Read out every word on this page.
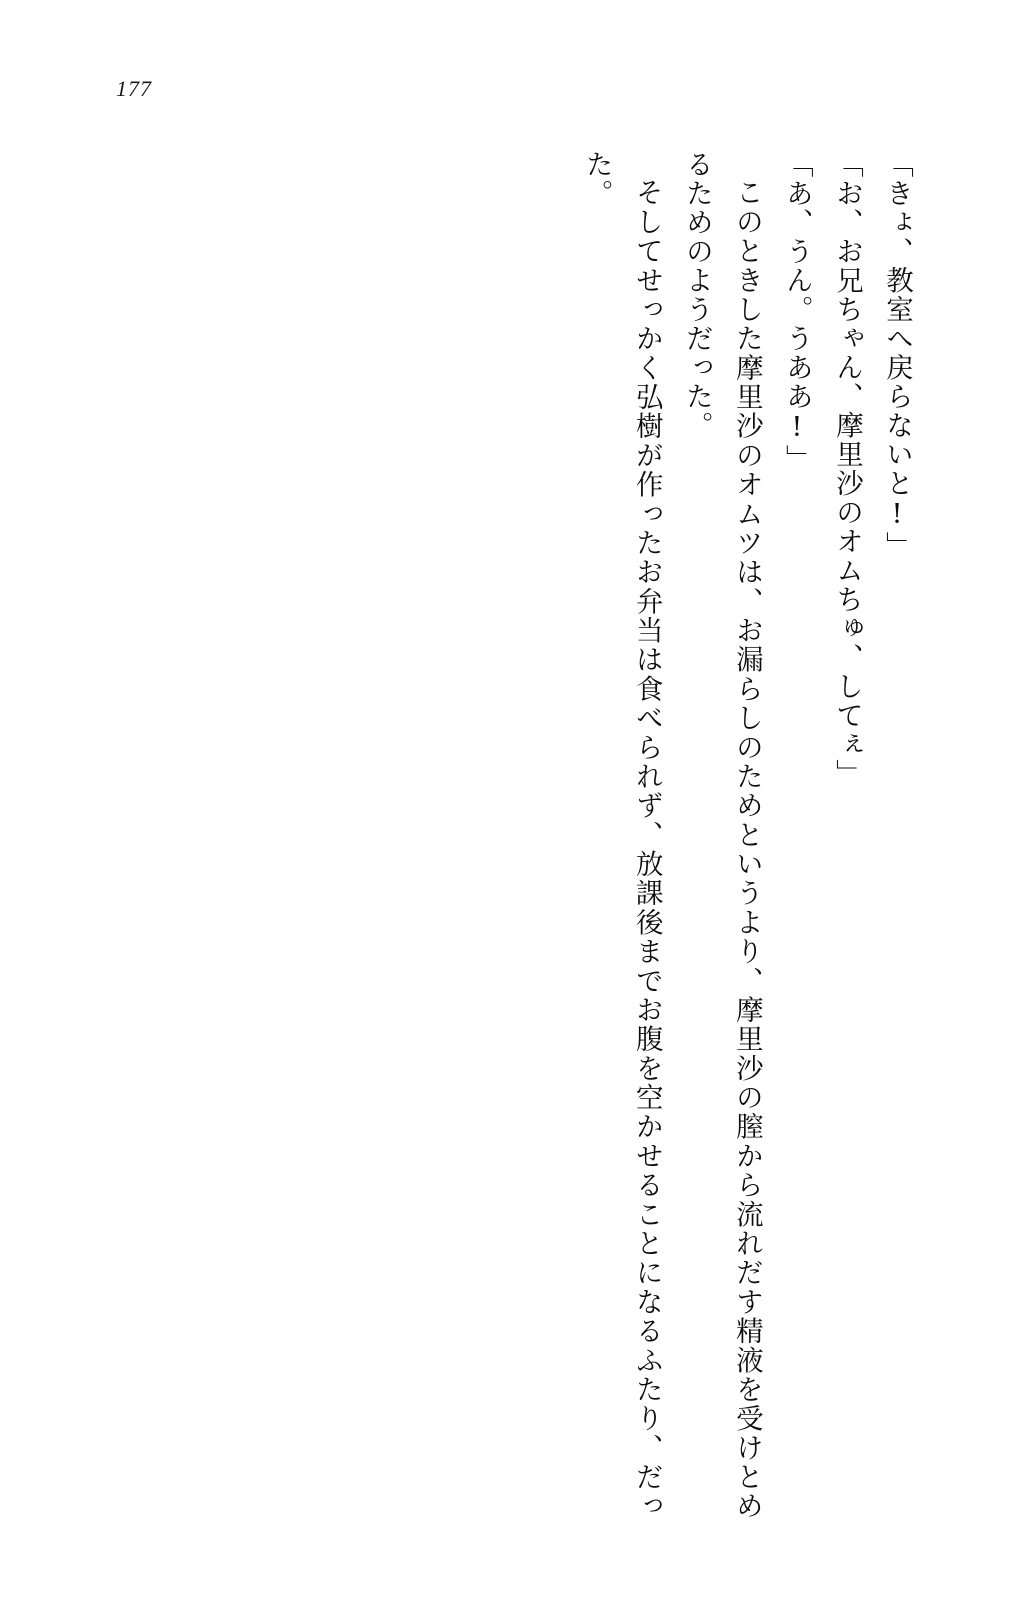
177
「きょ、教室へ戻らないと!」
「お、お兄ちゃん、摩里沙のオムちゅ、してぇ」
「あ、うん。うああ!」
このときした摩里沙のオムツは、お漏らしのためというより、摩里沙の膣から流れだす精液を受けとめるためのようだった。
そしてせっかく弘樹が作ったお弁当は食べられず、放課後までお腹を空かせることになるふたり、だった。
